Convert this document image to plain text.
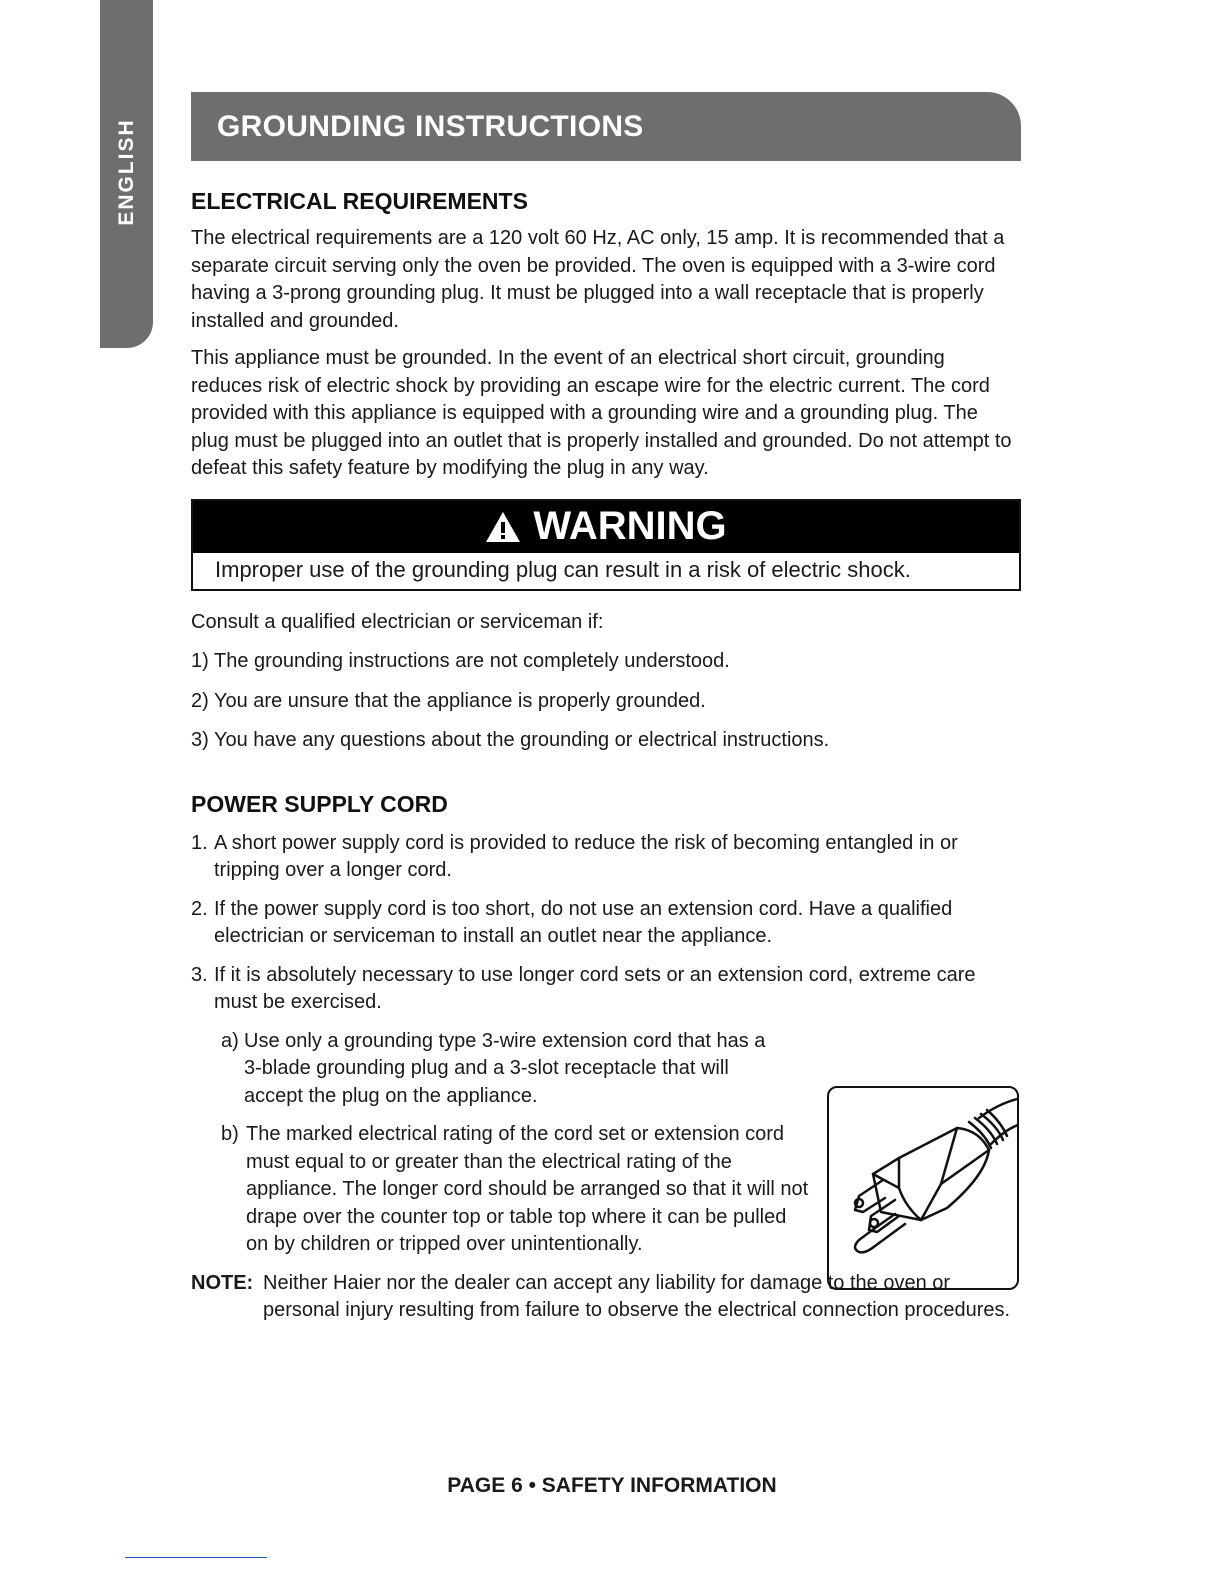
ENGLISH	GROUNDING INSTRUCTIONS
ELECTRICAL REQUIREMENTS

The electrical requirements are a 120 volt 60 Hz, AC only, 15 amp. It is recommended that a separate circuit serving only the oven be provided. The oven is equipped with a 3-wire cord having a 3-prong grounding plug. It must be plugged into a wall receptacle that is properly installed and grounded.

This appliance must be grounded. In the event of an electrical short circuit, grounding reduces risk of electric shock by providing an escape wire for the electric current. The cord provided with this appliance is equipped with a grounding wire and a grounding plug. The plug must be plugged into an outlet that is properly installed and grounded. Do not attempt to defeat this safety feature by modifying the plug in any way.

WARNING
Improper use of the grounding plug can result in a risk of electric shock.

Consult a qualified electrician or serviceman if:

1) The grounding instructions are not completely understood.

2) You are unsure that the appliance is properly grounded.

3) You have any questions about the grounding or electrical instructions.

POWER SUPPLY CORD
1. A short power supply cord is provided to reduce the risk of becoming entangled in or tripping over a longer cord.
2. If the power supply cord is too short, do not use an extension cord. Have a qualified electrician or serviceman to install an outlet near the appliance.
3. If it is absolutely necessary to use longer cord sets or an extension cord, extreme care must be exercised.
a) Use only a grounding type 3-wire extension cord that has a 3-blade grounding plug and a 3-slot receptacle that will accept the plug on the appliance.
b) The marked electrical rating of the cord set or extension cord must equal to or greater than the electrical rating of the appliance. The longer cord should be arranged so that it will not drape over the counter top or table top where it can be pulled on by children or tripped over unintentionally.
NOTE: Neither Haier nor the dealer can accept any liability for damage to the oven or personal injury resulting from failure to observe the electrical connection procedures.
PAGE 6 • SAFETY INFORMATION
